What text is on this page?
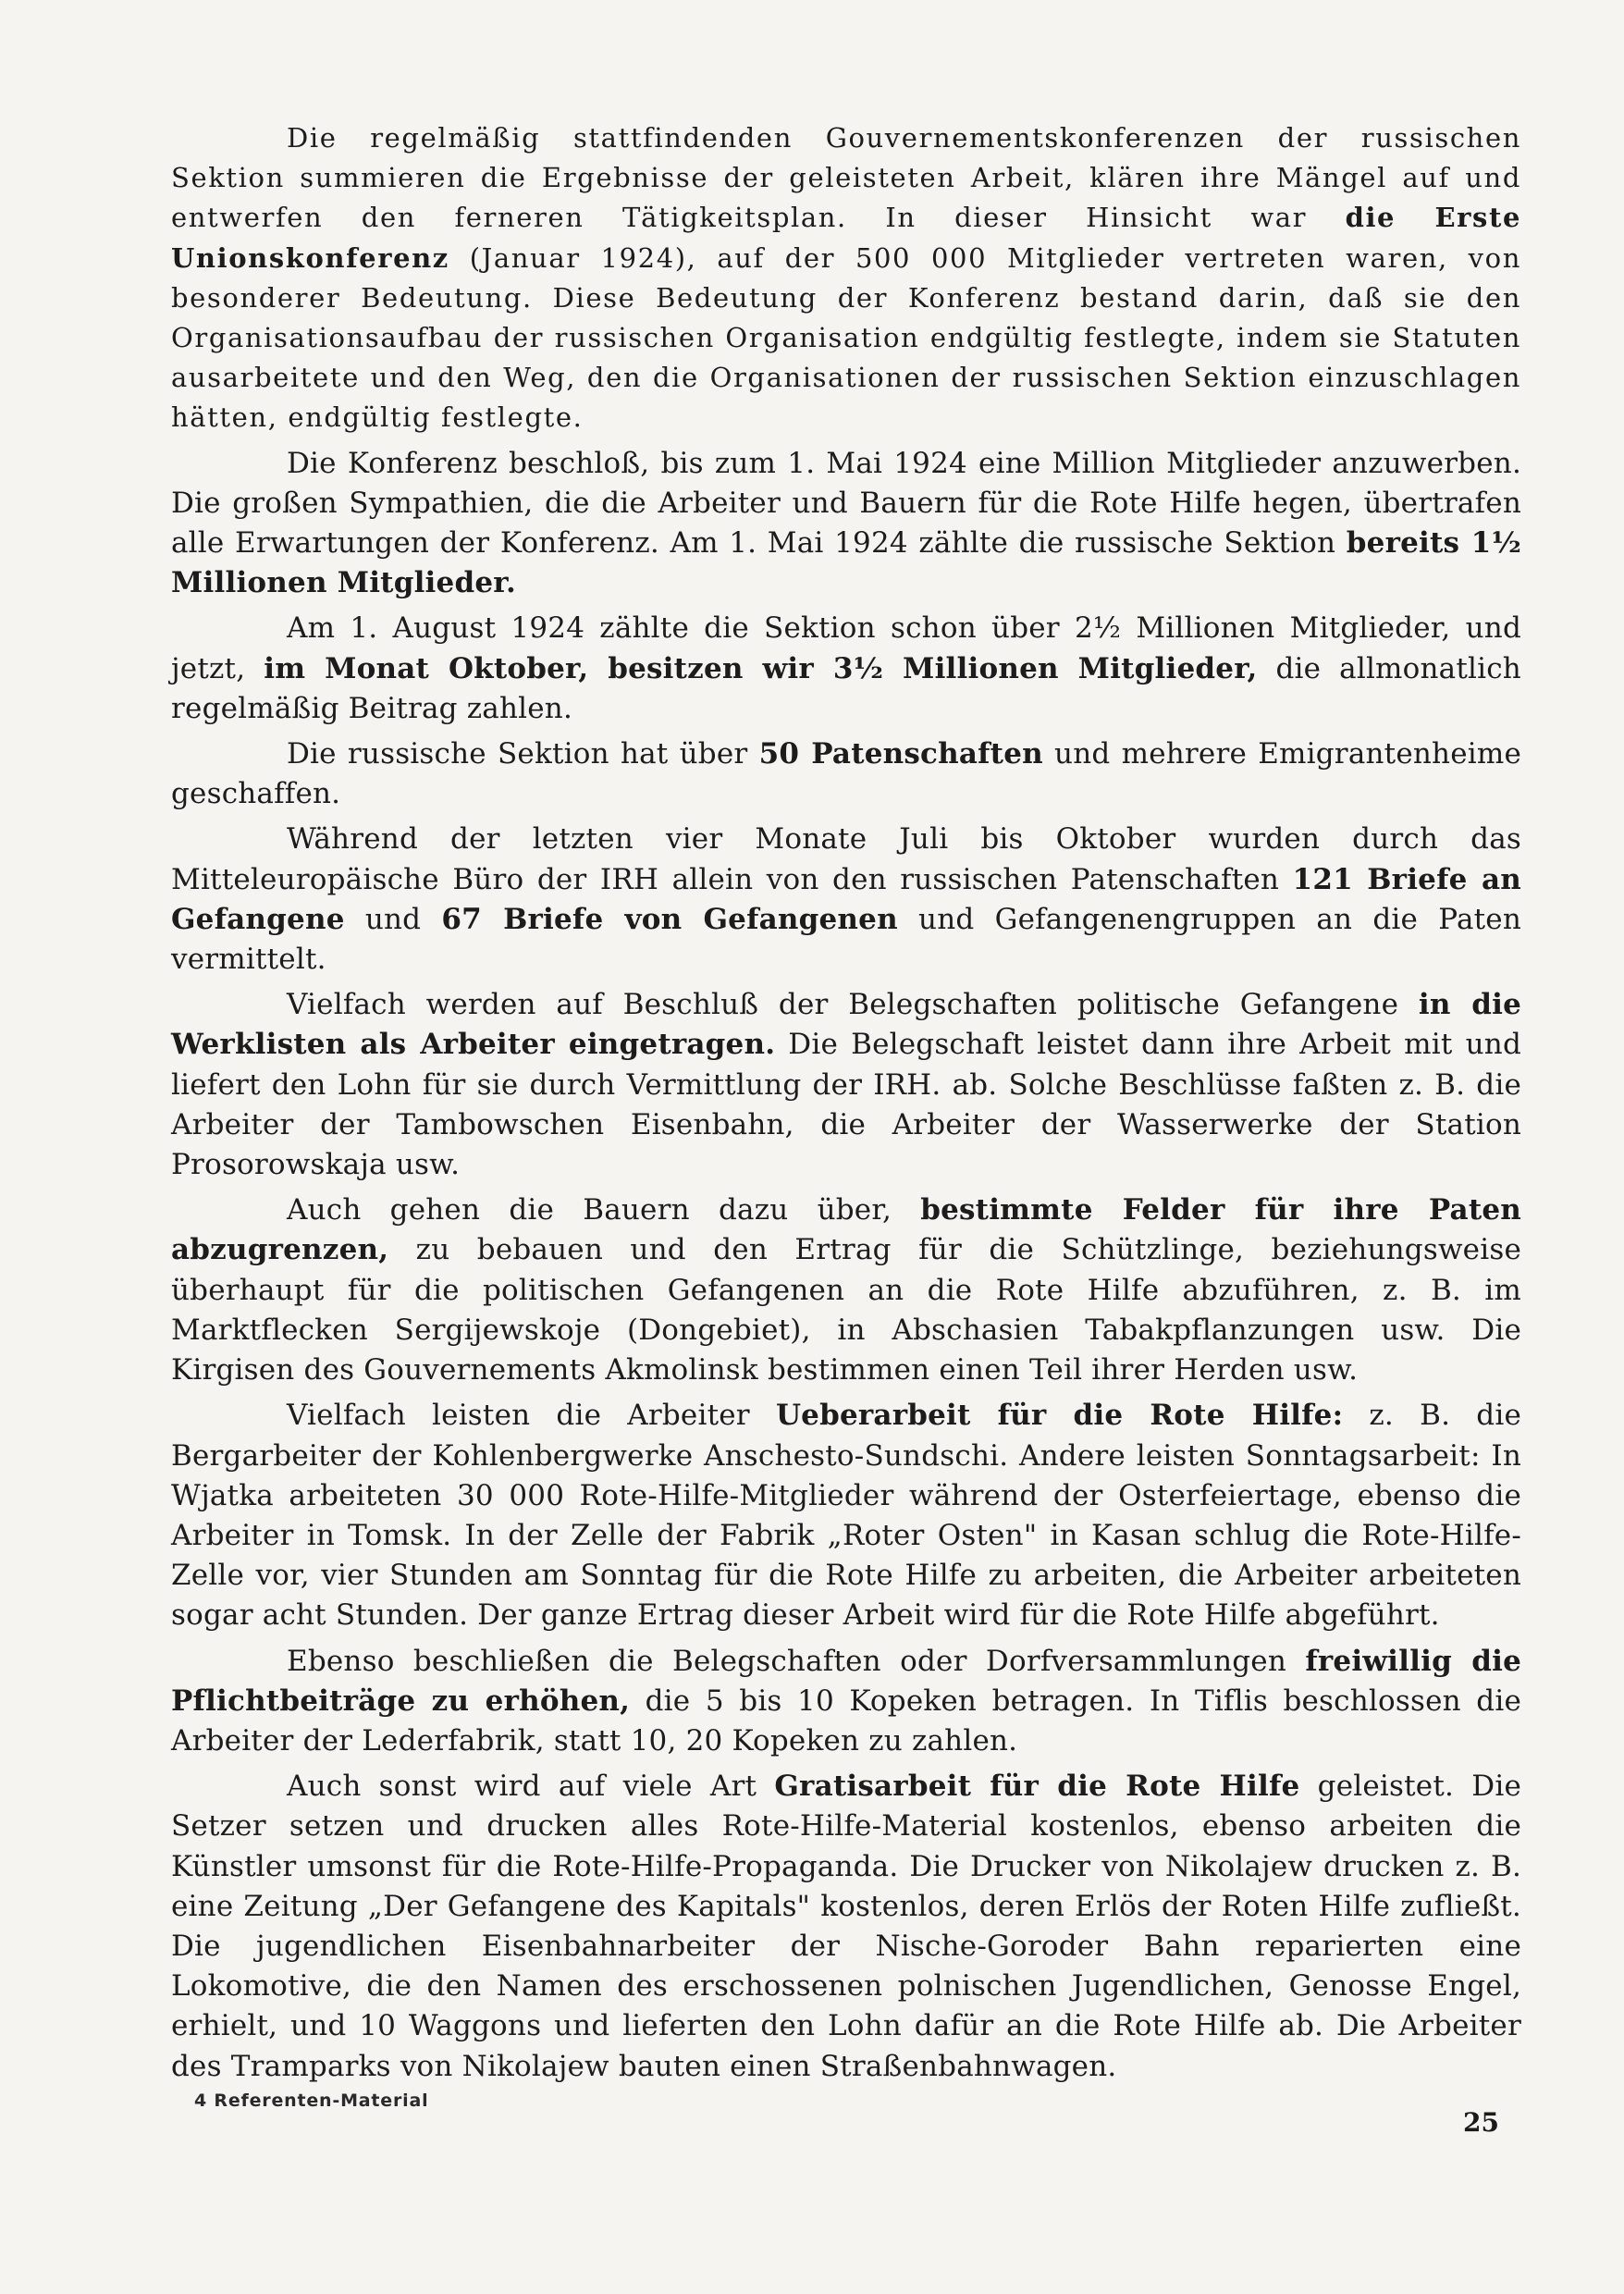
Die regelmäßig stattfindenden Gouvernementskonferenzen der russischen Sektion summieren die Ergebnisse der geleisteten Arbeit, klären ihre Mängel auf und entwerfen den ferneren Tätigkeitsplan. In dieser Hinsicht war die Erste Unionskonferenz (Januar 1924), auf der 500 000 Mitglieder vertreten waren, von besonderer Bedeutung. Diese Bedeutung der Konferenz bestand darin, daß sie den Organisationsaufbau der russischen Organisation endgültig festlegte, indem sie Statuten ausarbeitete und den Weg, den die Organisationen der russischen Sektion einzuschlagen hätten, endgültig festlegte.

Die Konferenz beschloß, bis zum 1. Mai 1924 eine Million Mitglieder anzuwerben. Die großen Sympathien, die die Arbeiter und Bauern für die Rote Hilfe hegen, übertrafen alle Erwartungen der Konferenz. Am 1. Mai 1924 zählte die russische Sektion bereits 1½ Millionen Mitglieder.

Am 1. August 1924 zählte die Sektion schon über 2½ Millionen Mitglieder, und jetzt, im Monat Oktober, besitzen wir 3½ Millionen Mitglieder, die allmonatlich regelmäßig Beitrag zahlen.

Die russische Sektion hat über 50 Patenschaften und mehrere Emigrantenheime geschaffen.

Während der letzten vier Monate Juli bis Oktober wurden durch das Mitteleuropäische Büro der IRH allein von den russischen Patenschaften 121 Briefe an Gefangene und 67 Briefe von Gefangenen und Gefangenengruppen an die Paten vermittelt.

Vielfach werden auf Beschluß der Belegschaften politische Gefangene in die Werklisten als Arbeiter eingetragen. Die Belegschaft leistet dann ihre Arbeit mit und liefert den Lohn für sie durch Vermittlung der IRH. ab. Solche Beschlüsse faßten z. B. die Arbeiter der Tambowschen Eisenbahn, die Arbeiter der Wasserwerke der Station Prosorowskaja usw.

Auch gehen die Bauern dazu über, bestimmte Felder für ihre Paten abzugrenzen, zu bebauen und den Ertrag für die Schützlinge, beziehungsweise überhaupt für die politischen Gefangenen an die Rote Hilfe abzuführen, z. B. im Marktflecken Sergijewskoje (Dongebiet), in Abschasien Tabakpflanzungen usw. Die Kirgisen des Gouvernements Akmolinsk bestimmen einen Teil ihrer Herden usw.

Vielfach leisten die Arbeiter Ueberarbeit für die Rote Hilfe: z. B. die Bergarbeiter der Kohlenbergwerke Anschesto-Sundschi. Andere leisten Sonntagsarbeit: In Wjatka arbeiteten 30 000 Rote-Hilfe-Mitglieder während der Osterfeiertage, ebenso die Arbeiter in Tomsk. In der Zelle der Fabrik „Roter Osten" in Kasan schlug die Rote-Hilfe-Zelle vor, vier Stunden am Sonntag für die Rote Hilfe zu arbeiten, die Arbeiter arbeiteten sogar acht Stunden. Der ganze Ertrag dieser Arbeit wird für die Rote Hilfe abgeführt.

Ebenso beschließen die Belegschaften oder Dorfversammlungen freiwillig die Pflichtbeiträge zu erhöhen, die 5 bis 10 Kopeken betragen. In Tiflis beschlossen die Arbeiter der Lederfabrik, statt 10, 20 Kopeken zu zahlen.

Auch sonst wird auf viele Art Gratisarbeit für die Rote Hilfe geleistet. Die Setzer setzen und drucken alles Rote-Hilfe-Material kostenlos, ebenso arbeiten die Künstler umsonst für die Rote-Hilfe-Propaganda. Die Drucker von Nikolajew drucken z. B. eine Zeitung „Der Gefangene des Kapitals" kostenlos, deren Erlös der Roten Hilfe zufließt. Die jugendlichen Eisenbahnarbeiter der Nische-Goroder Bahn reparierten eine Lokomotive, die den Namen des erschossenen polnischen Jugendlichen, Genosse Engel, erhielt, und 10 Waggons und lieferten den Lohn dafür an die Rote Hilfe ab. Die Arbeiter des Tramparks von Nikolajew bauten einen Straßenbahnwagen.

4 Referenten-Material
25
